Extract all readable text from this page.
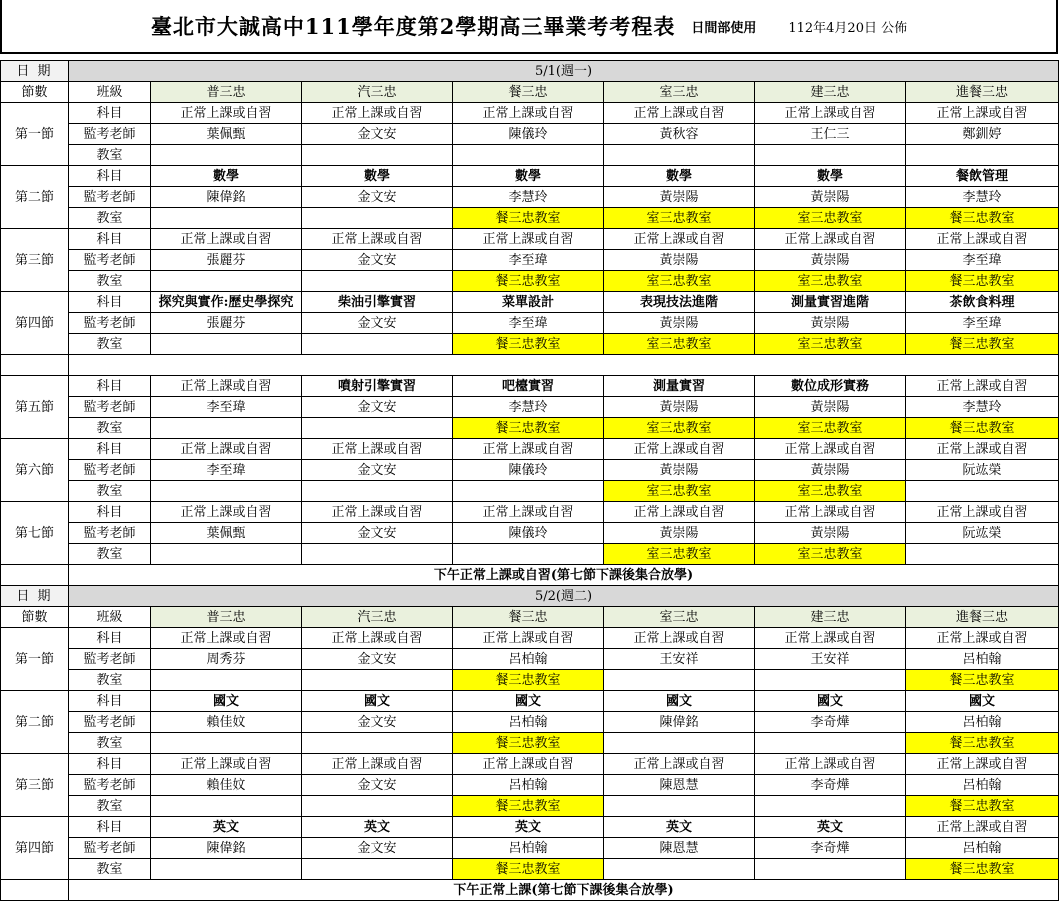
臺北市大誠高中111學年度第2學期高三畢業考考程表 日間部使用 112年4月20日 公佈
日 期	5/1(週一)						
節數	班級	普三忠	汽三忠	餐三忠	室三忠	建三忠	進餐三忠
第一節	科目	正常上課或自習	正常上課或自習	正常上課或自習	正常上課或自習	正常上課或自習	正常上課或自習
	監考老師	葉佩甄	金文安	陳儀玲	黃秋容	王仁三	鄭釧婷
	教室						
第二節	科目	數學	數學	數學	數學	數學	餐飲管理
	監考老師	陳偉銘	金文安	李慧玲	黃崇陽	黃崇陽	李慧玲
	教室			餐三忠教室	室三忠教室	室三忠教室	餐三忠教室
第三節	科目	正常上課或自習	正常上課或自習	正常上課或自習	正常上課或自習	正常上課或自習	正常上課或自習
	監考老師	張麗芬	金文安	李至瑋	黃崇陽	黃崇陽	李至瑋
	教室			餐三忠教室	室三忠教室	室三忠教室	餐三忠教室
第四節	科目	探究與實作:歷史學探究	柴油引擎實習	菜單設計	表現技法進階	測量實習進階	茶飲食料理
	監考老師	張麗芬	金文安	李至瑋	黃崇陽	黃崇陽	李至瑋
	教室			餐三忠教室	室三忠教室	室三忠教室	餐三忠教室

第五節	科目	正常上課或自習	噴射引擎實習	吧檯實習	測量實習	數位成形實務	正常上課或自習
	監考老師	李至瑋	金文安	李慧玲	黃崇陽	黃崇陽	李慧玲
	教室			餐三忠教室	室三忠教室	室三忠教室	餐三忠教室
第六節	科目	正常上課或自習	正常上課或自習	正常上課或自習	正常上課或自習	正常上課或自習	正常上課或自習
	監考老師	李至瑋	金文安	陳儀玲	黃崇陽	黃崇陽	阮竑榮
	教室				室三忠教室	室三忠教室	
第七節	科目	正常上課或自習	正常上課或自習	正常上課或自習	正常上課或自習	正常上課或自習	正常上課或自習
	監考老師	葉佩甄	金文安	陳儀玲	黃崇陽	黃崇陽	阮竑榮
	教室				室三忠教室	室三忠教室	
	下午正常上課或自習(第七節下課後集合放學)						
日 期	5/2(週二)						
節數	班級	普三忠	汽三忠	餐三忠	室三忠	建三忠	進餐三忠
第一節	科目	正常上課或自習	正常上課或自習	正常上課或自習	正常上課或自習	正常上課或自習	正常上課或自習
	監考老師	周秀芬	金文安	呂柏翰	王安祥	王安祥	呂柏翰
	教室			餐三忠教室			餐三忠教室
第二節	科目	國文	國文	國文	國文	國文	國文
	監考老師	賴佳妏	金文安	呂柏翰	陳偉銘	李奇燁	呂柏翰
	教室			餐三忠教室			餐三忠教室
第三節	科目	正常上課或自習	正常上課或自習	正常上課或自習	正常上課或自習	正常上課或自習	正常上課或自習
	監考老師	賴佳妏	金文安	呂柏翰	陳恩慧	李奇燁	呂柏翰
	教室			餐三忠教室			餐三忠教室
第四節	科目	英文	英文	英文	英文	英文	正常上課或自習
	監考老師	陳偉銘	金文安	呂柏翰	陳恩慧	李奇燁	呂柏翰
	教室			餐三忠教室			餐三忠教室
	下午正常上課(第七節下課後集合放學)						
